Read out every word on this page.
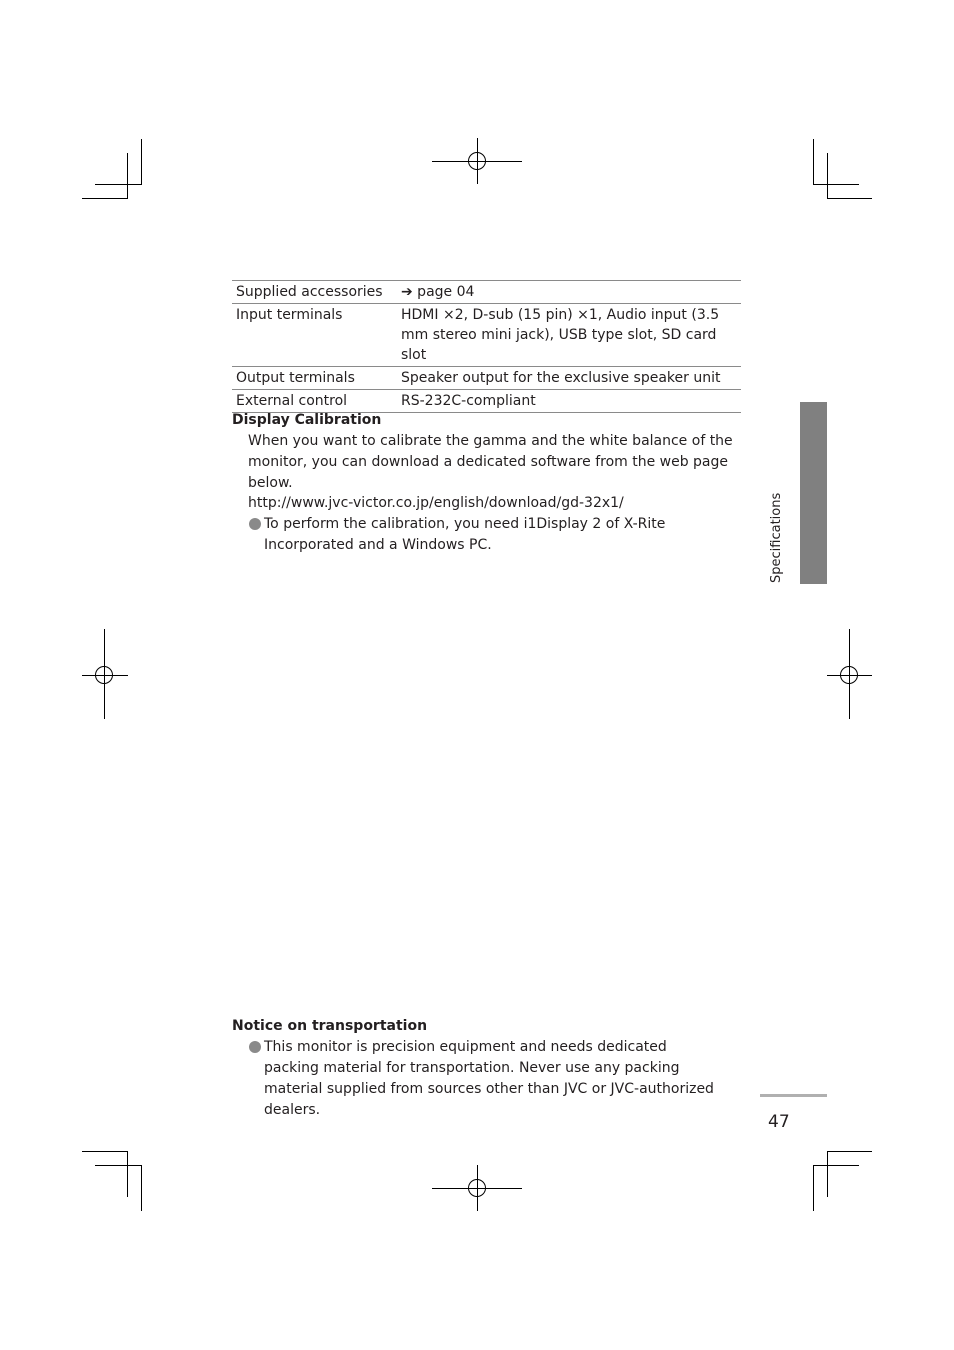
Supplied accessories	➔ page 04
Input terminals	HDMI ×2, D-sub (15 pin) ×1, Audio input (3.5 mm stereo mini jack), USB type slot, SD card slot
Output terminals	Speaker output for the exclusive speaker unit
External control	RS-232C-compliant
Display Calibration
When you want to calibrate the gamma and the white balance of the monitor, you can download a dedicated software from the web page below.
http://www.jvc-victor.co.jp/english/download/gd-32x1/
To perform the calibration, you need i1Display 2 of X-Rite Incorporated and a Windows PC.
Notice on transportation
This monitor is precision equipment and needs dedicated packing material for transportation. Never use any packing material supplied from sources other than JVC or JVC-authorized dealers.
Specifications
47
